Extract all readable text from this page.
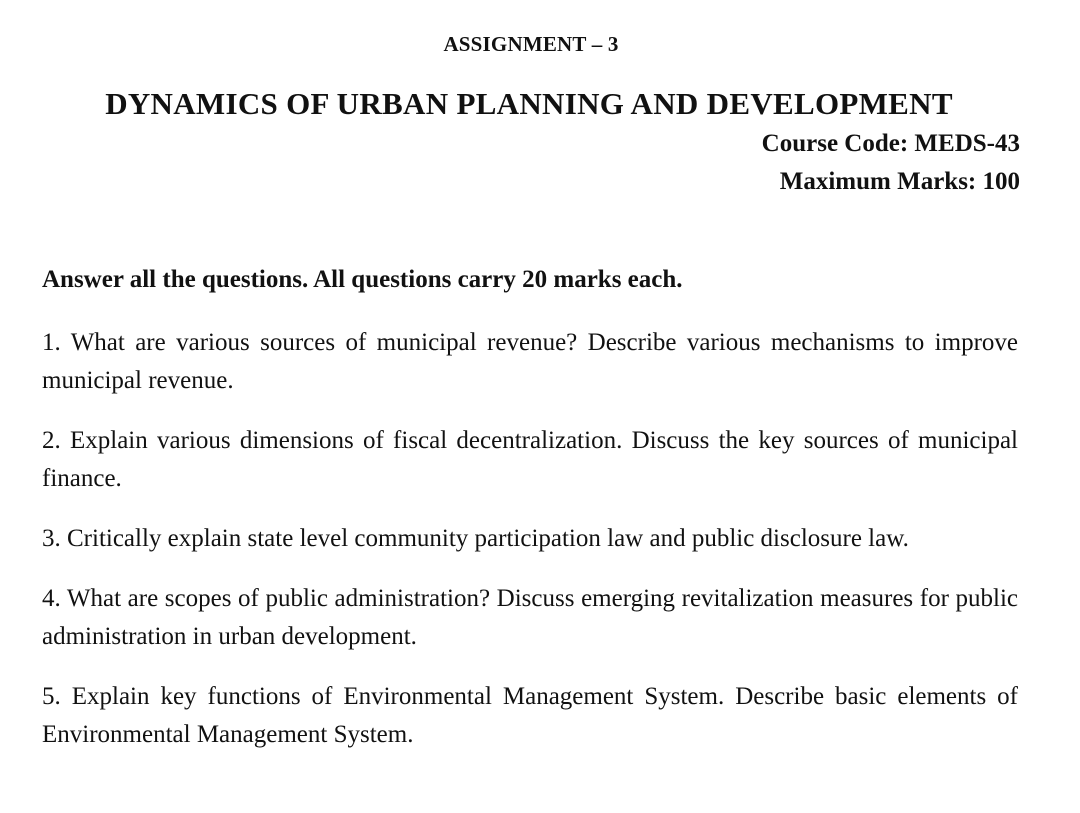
ASSIGNMENT – 3
DYNAMICS OF URBAN PLANNING AND DEVELOPMENT
Course Code: MEDS-43
Maximum Marks: 100
Answer all the questions. All questions carry 20 marks each.
1. What are various sources of municipal revenue? Describe various mechanisms to improve municipal revenue.
2. Explain various dimensions of fiscal decentralization. Discuss the key sources of municipal finance.
3. Critically explain state level community participation law and public disclosure law.
4. What are scopes of public administration? Discuss emerging revitalization measures for public administration in urban development.
5. Explain key functions of Environmental Management System. Describe basic elements of Environmental Management System.
